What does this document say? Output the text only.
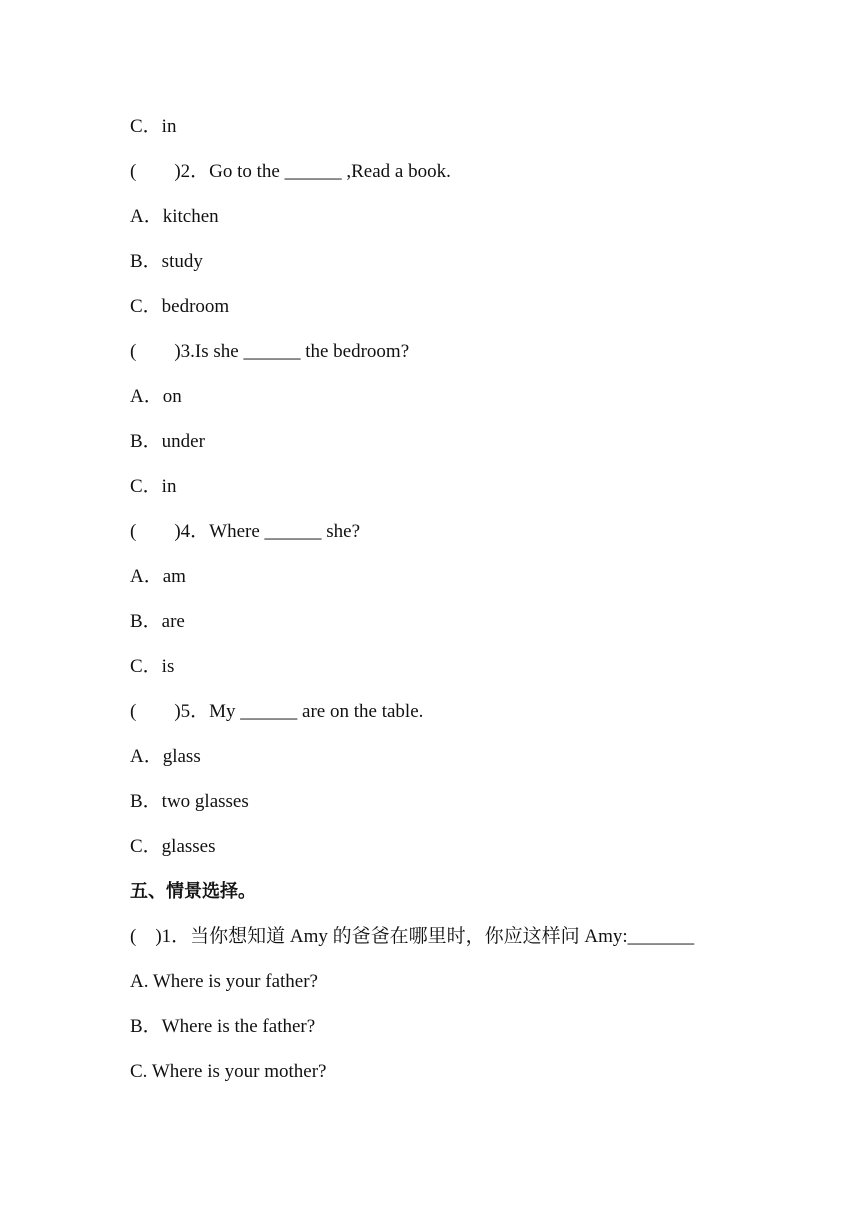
C．in
(        )2．Go to the ______ ,Read a book.
A．kitchen
B．study
C．bedroom
(        )3.Is she ______ the bedroom?
A．on
B．under
C．in
(        )4．Where ______ she?
A．am
B．are
C．is
(        )5．My ______ are on the table.
A．glass
B．two glasses
C．glasses
五、情景选择。
(    )1．当你想知道 Amy 的爸爸在哪里时，你应这样问 Amy:_______
A. Where is your father?
B．Where is the father?
C. Where is your mother?
